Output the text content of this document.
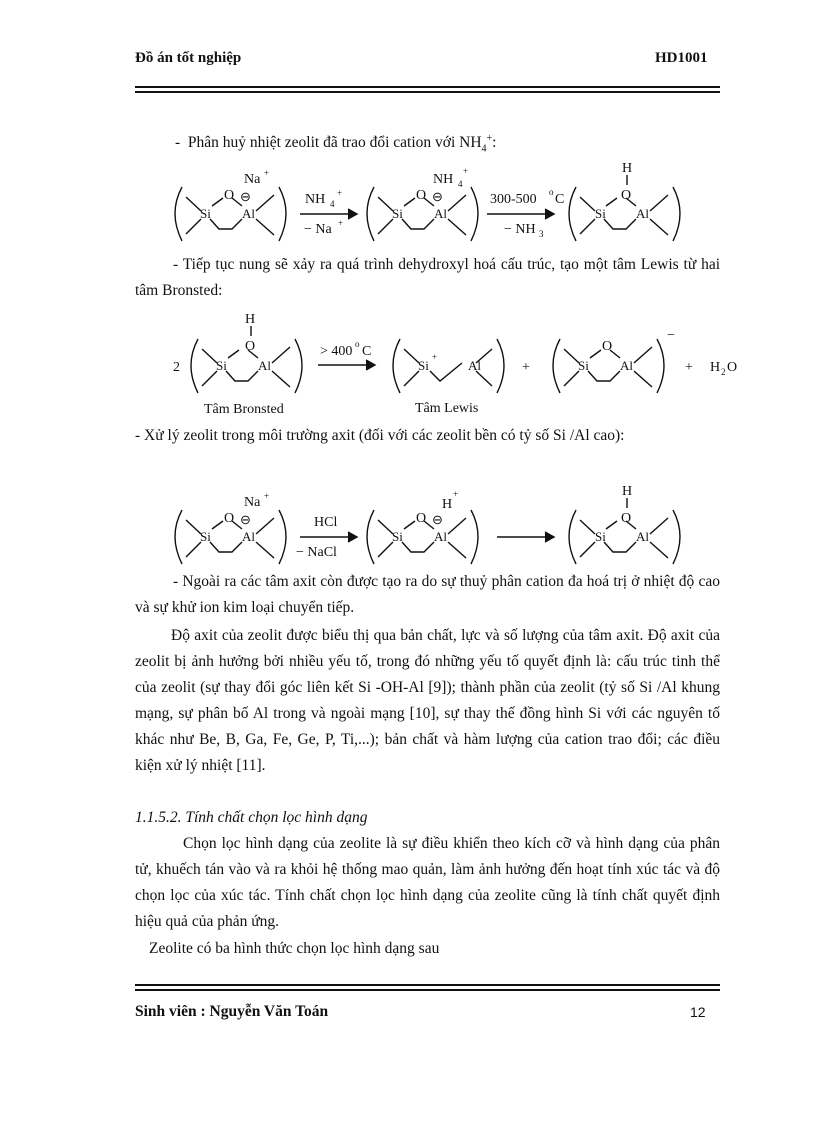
Đồ án tốt nghiệp	HD1001
- Phân huỷ nhiệt zeolit đã trao đổi cation với $NH_4^+$:
Na +
O ⊖
Si Al
NH 4
+
− Na +
NH 4
+
O ⊖
Si Al
300-500 o C
− NH 3
H
O
Si Al
- Tiếp tục nung sẽ xảy ra quá trình dehydroxyl hoá cấu trúc, tạo một tâm Lewis từ hai tâm Bronsted:
2
H
O
Si Al
> 400 o C
Si
+
Al	+
O
Si Al
−
+ H 2 O
Tâm Bronsted	Tâm Lewis
- Xử lý zeolit trong môi trường axit (đối với các zeolit bền có tỷ số Si /Al cao):
Na +
O ⊖
Si Al
HCl
− NaCl
H
+
O ⊖
Si Al
H
O
Si Al
- Ngoài ra các tâm axit còn được tạo ra do sự thuỷ phân cation đa hoá trị ở nhiệt độ cao và sự khử ion kim loại chuyển tiếp.
Độ axit của zeolit được biểu thị qua bản chất, lực và số lượng của tâm axit. Độ axit của zeolit bị ảnh hưởng bởi nhiều yếu tố, trong đó những yếu tố quyết định là: cấu trúc tinh thể của zeolit (sự thay đổi góc liên kết Si -OH-Al [9]); thành phần của zeolit (tỷ số Si /Al khung mạng, sự phân bố Al trong và ngoài mạng [10], sự thay thế đồng hình Si với các nguyên tố khác như Be, B, Ga, Fe, Ge, P, Ti,...); bản chất và hàm lượng của cation trao đổi; các điều kiện xử lý nhiệt [11].
1.1.5.2. Tính chất chọn lọc hình dạng
Chọn lọc hình dạng của zeolite là sự điều khiển theo kích cỡ và hình dạng của phân tử, khuếch tán vào và ra khỏi hệ thống mao quản, làm ảnh hưởng đến hoạt tính xúc tác và độ chọn lọc của xúc tác. Tính chất chọn lọc hình dạng của zeolite cũng là tính chất quyết định hiệu quả của phản ứng.
Zeolite có ba hình thức chọn lọc hình dạng sau
Sinh viên : Nguyễn Văn Toán	12
